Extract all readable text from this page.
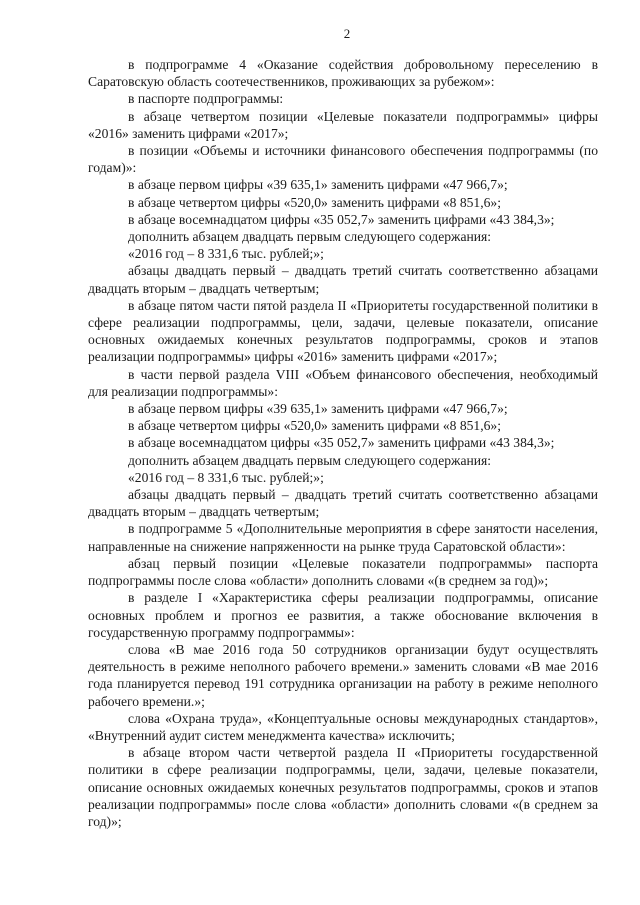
2

в подпрограмме 4 «Оказание содействия добровольному переселению в Саратовскую область соотечественников, проживающих за рубежом»:

в паспорте подпрограммы:

в абзаце четвертом позиции «Целевые показатели подпрограммы» цифры «2016» заменить цифрами «2017»;

в позиции «Объемы и источники финансового обеспечения подпрограммы (по годам)»:

в абзаце первом цифры «39 635,1» заменить цифрами «47 966,7»;

в абзаце четвертом цифры «520,0» заменить цифрами «8 851,6»;

в абзаце восемнадцатом цифры «35 052,7» заменить цифрами «43 384,3»;

дополнить абзацем двадцать первым следующего содержания:

«2016 год – 8 331,6 тыс. рублей;»;

абзацы двадцать первый – двадцать третий считать соответственно абзацами двадцать вторым – двадцать четвертым;

в абзаце пятом части пятой раздела II «Приоритеты государственной политики в сфере реализации подпрограммы, цели, задачи, целевые показатели, описание основных ожидаемых конечных результатов подпрограммы, сроков и этапов реализации подпрограммы» цифры «2016» заменить цифрами «2017»;

в части первой раздела VIII «Объем финансового обеспечения, необходимый для реализации подпрограммы»:

в абзаце первом цифры «39 635,1» заменить цифрами «47 966,7»;

в абзаце четвертом цифры «520,0» заменить цифрами «8 851,6»;

в абзаце восемнадцатом цифры «35 052,7» заменить цифрами «43 384,3»;

дополнить абзацем двадцать первым следующего содержания:

«2016 год – 8 331,6 тыс. рублей;»;

абзацы двадцать первый – двадцать третий считать соответственно абзацами двадцать вторым – двадцать четвертым;

в подпрограмме 5 «Дополнительные мероприятия в сфере занятости населения, направленные на снижение напряженности на рынке труда Саратовской области»:

абзац первый позиции «Целевые показатели подпрограммы» паспорта подпрограммы после слова «области» дополнить словами «(в среднем за год)»;

в разделе I «Характеристика сферы реализации подпрограммы, описание основных проблем и прогноз ее развития, а также обоснование включения в государственную программу подпрограммы»:

слова «В мае 2016 года 50 сотрудников организации будут осуществлять деятельность в режиме неполного рабочего времени.» заменить словами «В мае 2016 года планируется перевод 191 сотрудника организации на работу в режиме неполного рабочего времени.»;

слова «Охрана труда», «Концептуальные основы международных стандартов», «Внутренний аудит систем менеджмента качества» исключить;

в абзаце втором части четвертой раздела II «Приоритеты государственной политики в сфере реализации подпрограммы, цели, задачи, целевые показатели, описание основных ожидаемых конечных результатов подпрограммы, сроков и этапов реализации подпрограммы» после слова «области» дополнить словами «(в среднем за год)»;
